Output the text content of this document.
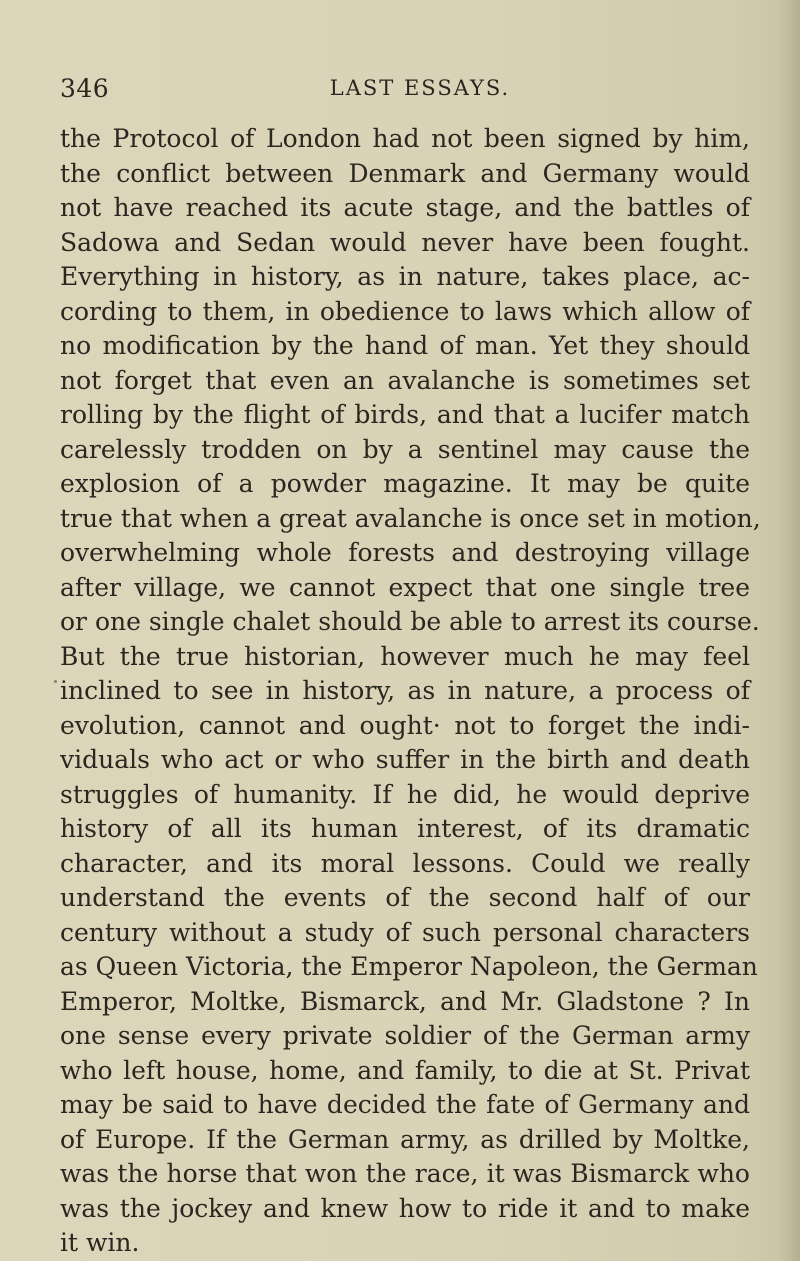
346	LAST ESSAYS.
the Protocol of London had not been signed by him,
the conflict between Denmark and Germany would
not have reached its acute stage, and the battles of
Sadowa and Sedan would never have been fought.
Everything in history, as in nature, takes place, ac-
cording to them, in obedience to laws which allow of
no modification by the hand of man. Yet they should
not forget that even an avalanche is sometimes set
rolling by the flight of birds, and that a lucifer match
carelessly trodden on by a sentinel may cause the
explosion of a powder magazine. It may be quite
true that when a great avalanche is once set in motion,
overwhelming whole forests and destroying village
after village, we cannot expect that one single tree
or one single chalet should be able to arrest its course.
But the true historian, however much he may feel
inclined to see in history, as in nature, a process of
evolution, cannot and ought· not to forget the indi-
viduals who act or who suffer in the birth and death
struggles of humanity. If he did, he would deprive
history of all its human interest, of its dramatic
character, and its moral lessons. Could we really
understand the events of the second half of our
century without a study of such personal characters
as Queen Victoria, the Emperor Napoleon, the German
Emperor, Moltke, Bismarck, and Mr. Gladstone ? In
one sense every private soldier of the German army
who left house, home, and family, to die at St. Privat
may be said to have decided the fate of Germany and
of Europe. If the German army, as drilled by Moltke,
was the horse that won the race, it was Bismarck who
was the jockey and knew how to ride it and to make
it win.
